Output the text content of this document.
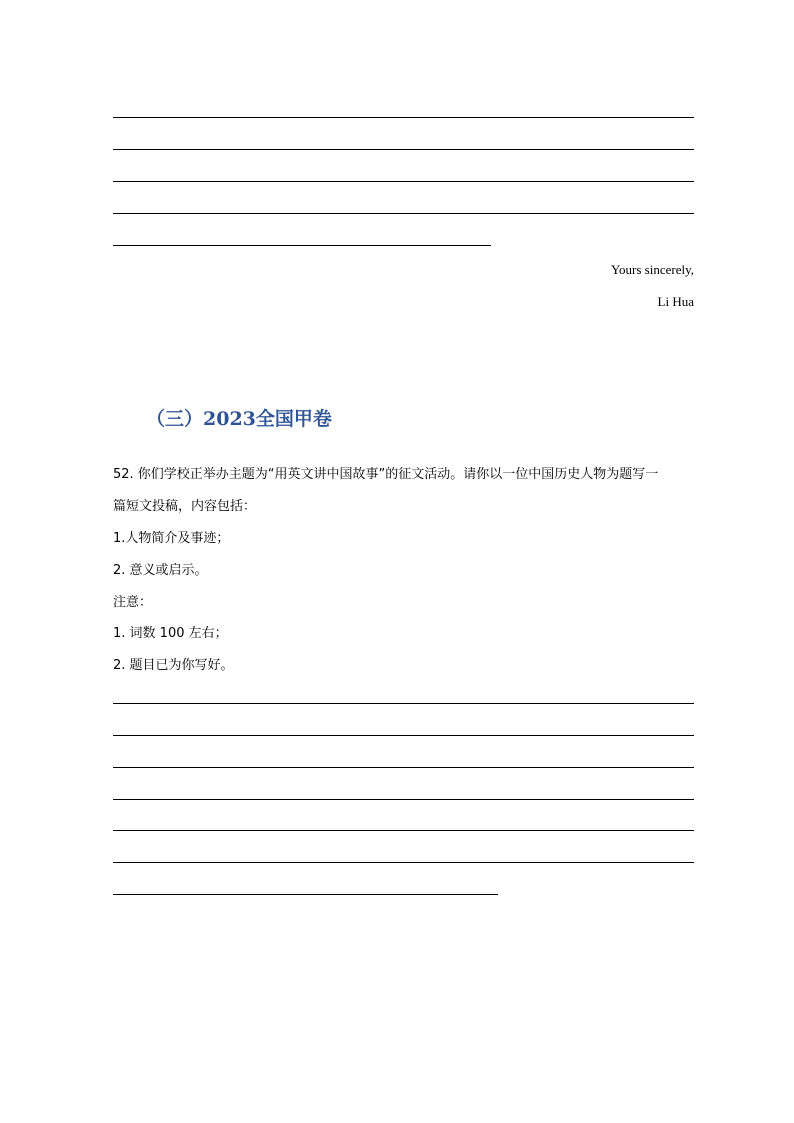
Yours sincerely,
Li Hua
（三）2023全国甲卷
52. 你们学校正举办主题为“用英文讲中国故事”的征文活动。请你以一位中国历史人物为题写一
篇短文投稿，内容包括：
1.人物简介及事迹；
2. 意义或启示。
注意：
1. 词数 100 左右；
2. 题目已为你写好。
